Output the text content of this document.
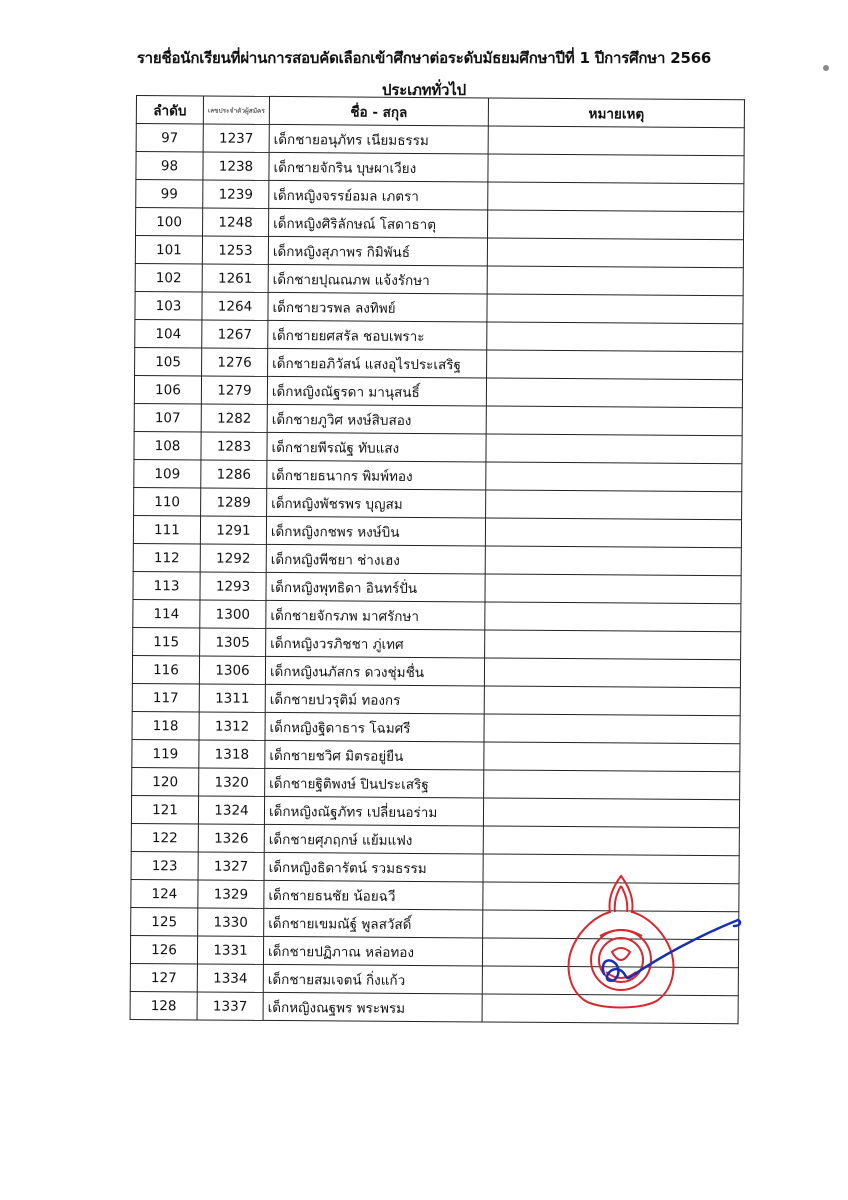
รายชื่อนักเรียนที่ผ่านการสอบคัดเลือกเข้าศึกษาต่อระดับมัธยมศึกษาปีที่ 1 ปีการศึกษา 2566
ประเภททั่วไป
ลำดับ	เลขประจำตัวผู้สมัคร	ชื่อ - สกุล	หมายเหตุ
97	1237	เด็กชายอนุภัทร เนียมธรรม	
98	1238	เด็กชายจักริน บุษผาเวียง	
99	1239	เด็กหญิงจรรย์อมล เภตรา	
100	1248	เด็กหญิงศิริลักษณ์ โสดาธาตุ	
101	1253	เด็กหญิงสุภาพร กิมิพันธ์	
102	1261	เด็กชายปุณณภพ แจ้งรักษา	
103	1264	เด็กชายวรพล ลงทิพย์	
104	1267	เด็กชายยศสรัล ชอบเพราะ	
105	1276	เด็กชายอภิวัสน์ แสงอุไรประเสริฐ	
106	1279	เด็กหญิงณัฐรดา มานุสนธิ์	
107	1282	เด็กชายภูวิศ หงษ์สิบสอง	
108	1283	เด็กชายพีรณัฐ ทับแสง	
109	1286	เด็กชายธนากร พิมพ์ทอง	
110	1289	เด็กหญิงพัชรพร บุญสม	
111	1291	เด็กหญิงกชพร หงษ์บิน	
112	1292	เด็กหญิงพีชยา ช่างเฮง	
113	1293	เด็กหญิงพุทธิดา อินทร์ปั่น	
114	1300	เด็กชายจักรภพ มาศรักษา	
115	1305	เด็กหญิงวรภิชชา ภู่เทศ	
116	1306	เด็กหญิงนภัสกร ดวงชุ่มชื่น	
117	1311	เด็กชายปวรุติม์ ทองกร	
118	1312	เด็กหญิงฐิดาธาร โฉมศรี	
119	1318	เด็กชายชวิศ มิตรอยู่ยืน	
120	1320	เด็กชายฐิติพงษ์ ปินประเสริฐ	
121	1324	เด็กหญิงณัฐภัทร เปลี่ยนอร่าม	
122	1326	เด็กชายศุภฤกษ์ แย้มแฟง	
123	1327	เด็กหญิงธิดารัตน์ รวมธรรม	
124	1329	เด็กชายธนชัย น้อยฉวี	
125	1330	เด็กชายเขมณัฐ์ พูลสวัสดิ์	
126	1331	เด็กชายปฏิภาณ หล่อทอง	
127	1334	เด็กชายสมเจตน์ กิ่งแก้ว	
128	1337	เด็กหญิงณฐพร พระพรม	
